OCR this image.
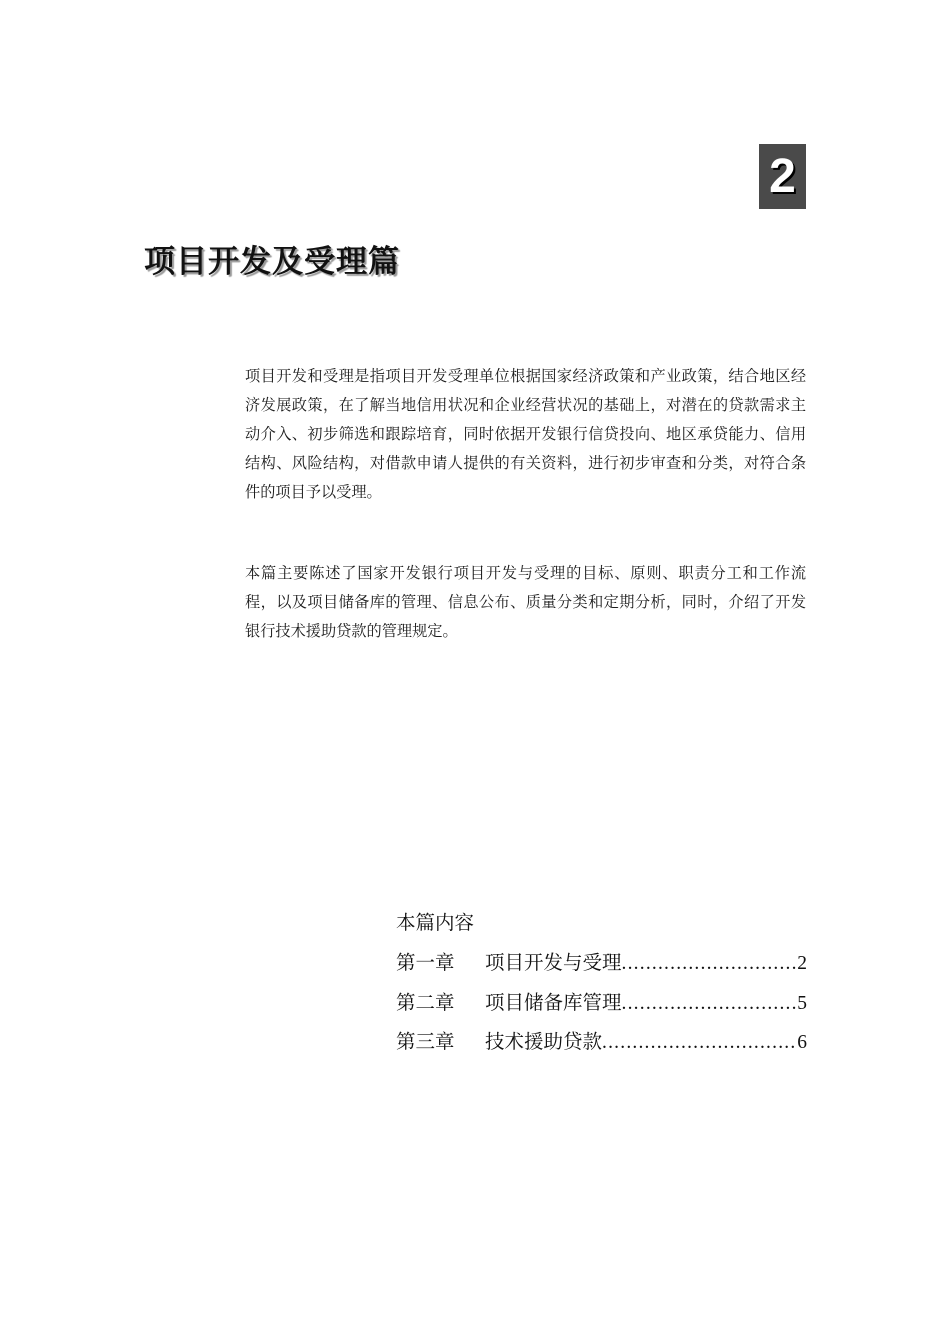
2
项目开发及受理篇

项目开发和受理是指项目开发受理单位根据国家经济政策和产业政策，结合地区经济发展政策，在了解当地信用状况和企业经营状况的基础上，对潜在的贷款需求主动介入、初步筛选和跟踪培育，同时依据开发银行信贷投向、地区承贷能力、信用结构、风险结构，对借款申请人提供的有关资料，进行初步审查和分类，对符合条件的项目予以受理。

本篇主要陈述了国家开发银行项目开发与受理的目标、原则、职责分工和工作流程，以及项目储备库的管理、信息公布、质量分类和定期分析，同时，介绍了开发银行技术援助贷款的管理规定。

本篇内容
第一章	项目开发与受理 .....	2
第二章	项目储备库管理 .....	5
第三章	技术援助贷款 .....	6
